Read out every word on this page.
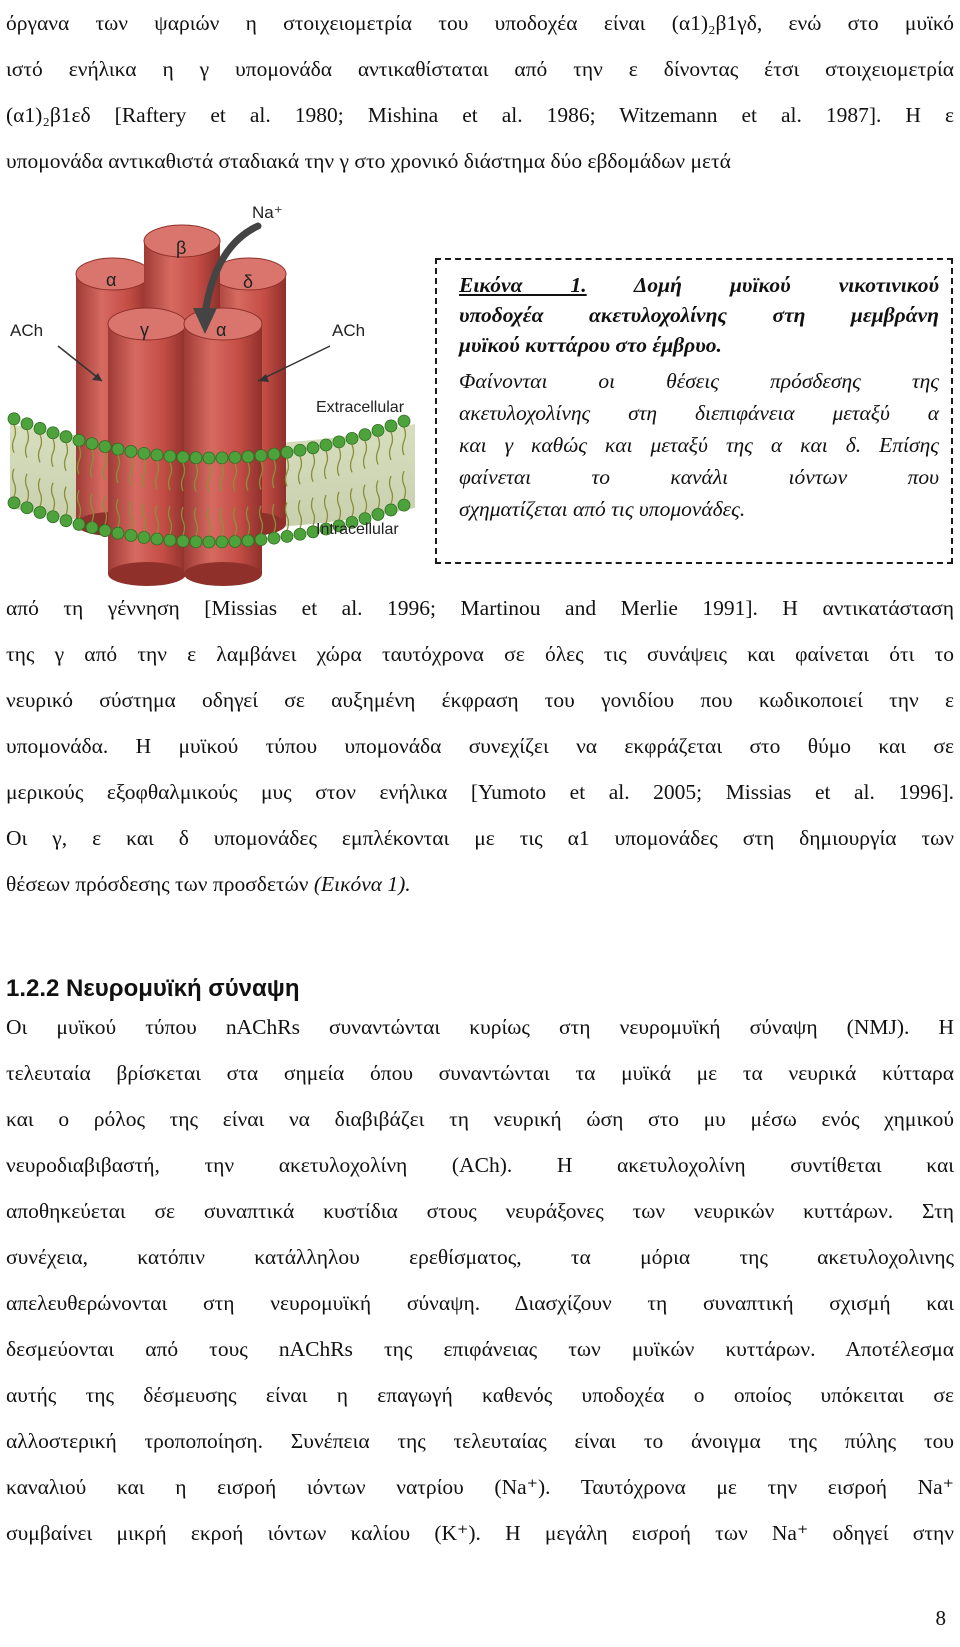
όργανα των ψαριών η στοιχειομετρία του υποδοχέα είναι (α1)₂β1γδ, ενώ στο μυϊκό
ιστό ενήλικα η γ υπομονάδα αντικαθίσταται από την ε δίνοντας έτσι στοιχειομετρία
(α1)₂β1εδ [Raftery et al. 1980; Mishina et al. 1986; Witzemann et al. 1987]. Η ε
υπομονάδα αντικαθιστά σταδιακά την γ στο χρονικό διάστημα δύο εβδομάδων μετά
Na⁺
β
α	δ
γ	α
ACh	ACh
Extracellular
Intracellular
Εικόνα 1. Δομή μυϊκού νικοτινικού
υποδοχέα ακετυλοχολίνης στη μεμβράνη
μυϊκού κυττάρου στο έμβρυο.
Φαίνονται οι θέσεις πρόσδεσης της
ακετυλοχολίνης στη διεπιφάνεια μεταξύ α
και γ καθώς και μεταξύ της α και δ. Επίσης
φαίνεται το κανάλι ιόντων που
σχηματίζεται από τις υπομονάδες.
από τη γέννηση [Missias et al. 1996; Martinou and Merlie 1991]. Η αντικατάσταση
της γ από την ε λαμβάνει χώρα ταυτόχρονα σε όλες τις συνάψεις και φαίνεται ότι το
νευρικό σύστημα οδηγεί σε αυξημένη έκφραση του γονιδίου που κωδικοποιεί την ε
υπομονάδα. Η μυϊκού τύπου υπομονάδα συνεχίζει να εκφράζεται στο θύμο και σε
μερικούς εξοφθαλμικούς μυς στον ενήλικα [Yumoto et al. 2005; Missias et al. 1996].
Οι γ, ε και δ υπομονάδες εμπλέκονται με τις α1 υπομονάδες στη δημιουργία των
θέσεων πρόσδεσης των προσδετών (Εικόνα 1).
1.2.2 Νευρομυϊκή σύναψη
Οι μυϊκού τύπου nAChRs συναντώνται κυρίως στη νευρομυϊκή σύναψη (NMJ). Η
τελευταία βρίσκεται στα σημεία όπου συναντώνται τα μυϊκά με τα νευρικά κύτταρα
και ο ρόλος της είναι να διαβιβάζει τη νευρική ώση στο μυ μέσω ενός χημικού
νευροδιαβιβαστή, την ακετυλοχολίνη (ACh). Η ακετυλοχολίνη συντίθεται και
αποθηκεύεται σε συναπτικά κυστίδια στους νευράξονες των νευρικών κυττάρων. Στη
συνέχεια, κατόπιν κατάλληλου ερεθίσματος, τα μόρια της ακετυλοχολινης
απελευθερώνονται στη νευρομυϊκή σύναψη. Διασχίζουν τη συναπτική σχισμή και
δεσμεύονται από τους nAChRs της επιφάνειας των μυϊκών κυττάρων. Αποτέλεσμα
αυτής της δέσμευσης είναι η επαγωγή καθενός υποδοχέα ο οποίος υπόκειται σε
αλλοστερική τροποποίηση. Συνέπεια της τελευταίας είναι το άνοιγμα της πύλης του
καναλιού και η εισροή ιόντων νατρίου (Na⁺). Ταυτόχρονα με την εισροή Na⁺
συμβαίνει μικρή εκροή ιόντων καλίου (K⁺). Η μεγάλη εισροή των Na⁺ οδηγεί στην
8
